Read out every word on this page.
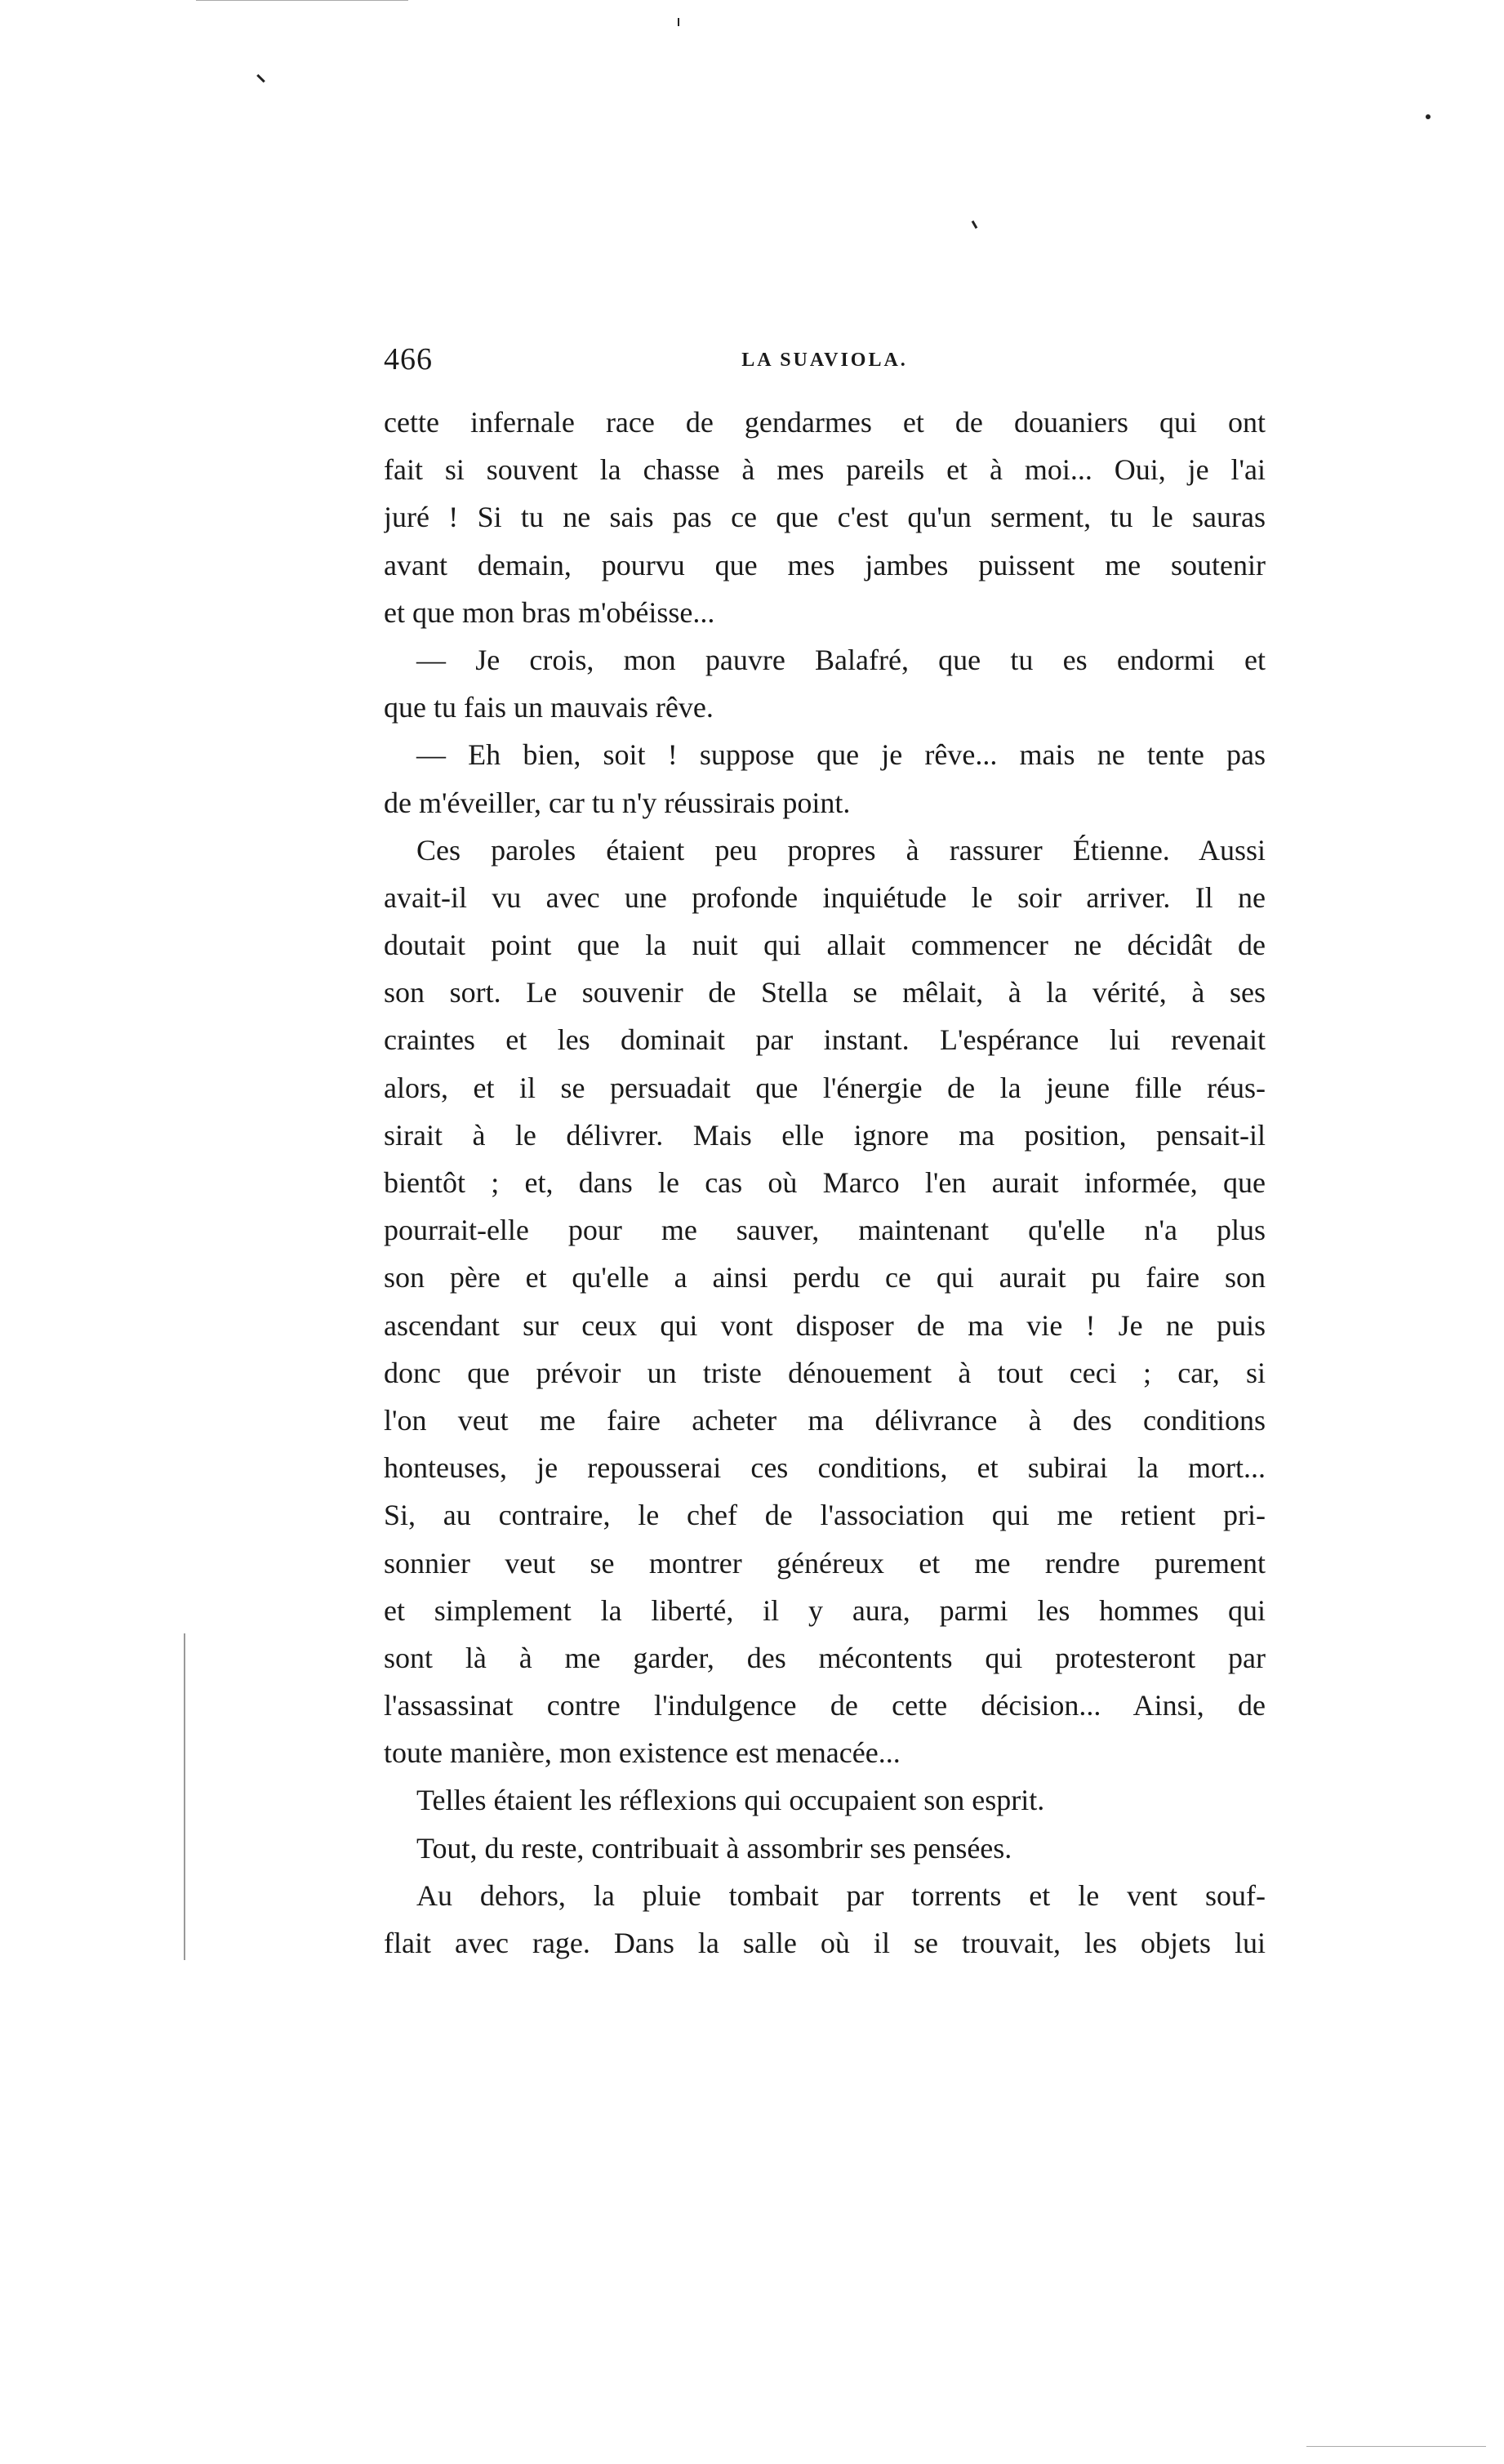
466	LA SUAVIOLA.
cette infernale race de gendarmes et de douaniers qui ont
fait si souvent la chasse à mes pareils et à moi... Oui, je l'ai
juré ! Si tu ne sais pas ce que c'est qu'un serment, tu le sauras
avant demain, pourvu que mes jambes puissent me soutenir
et que mon bras m'obéisse...
— Je crois, mon pauvre Balafré, que tu es endormi et
que tu fais un mauvais rêve.
— Eh bien, soit ! suppose que je rêve... mais ne tente pas
de m'éveiller, car tu n'y réussirais point.
Ces paroles étaient peu propres à rassurer Étienne. Aussi
avait-il vu avec une profonde inquiétude le soir arriver. Il ne
doutait point que la nuit qui allait commencer ne décidât de
son sort. Le souvenir de Stella se mêlait, à la vérité, à ses
craintes et les dominait par instant. L'espérance lui revenait
alors, et il se persuadait que l'énergie de la jeune fille réus-
sirait à le délivrer. Mais elle ignore ma position, pensait-il
bientôt ; et, dans le cas où Marco l'en aurait informée, que
pourrait-elle pour me sauver, maintenant qu'elle n'a plus
son père et qu'elle a ainsi perdu ce qui aurait pu faire son
ascendant sur ceux qui vont disposer de ma vie ! Je ne puis
donc que prévoir un triste dénouement à tout ceci ; car, si
l'on veut me faire acheter ma délivrance à des conditions
honteuses, je repousserai ces conditions, et subirai la mort...
Si, au contraire, le chef de l'association qui me retient pri-
sonnier veut se montrer généreux et me rendre purement
et simplement la liberté, il y aura, parmi les hommes qui
sont là à me garder, des mécontents qui protesteront par
l'assassinat contre l'indulgence de cette décision... Ainsi, de
toute manière, mon existence est menacée...
Telles étaient les réflexions qui occupaient son esprit.
Tout, du reste, contribuait à assombrir ses pensées.
Au dehors, la pluie tombait par torrents et le vent souf-
flait avec rage. Dans la salle où il se trouvait, les objets lui
